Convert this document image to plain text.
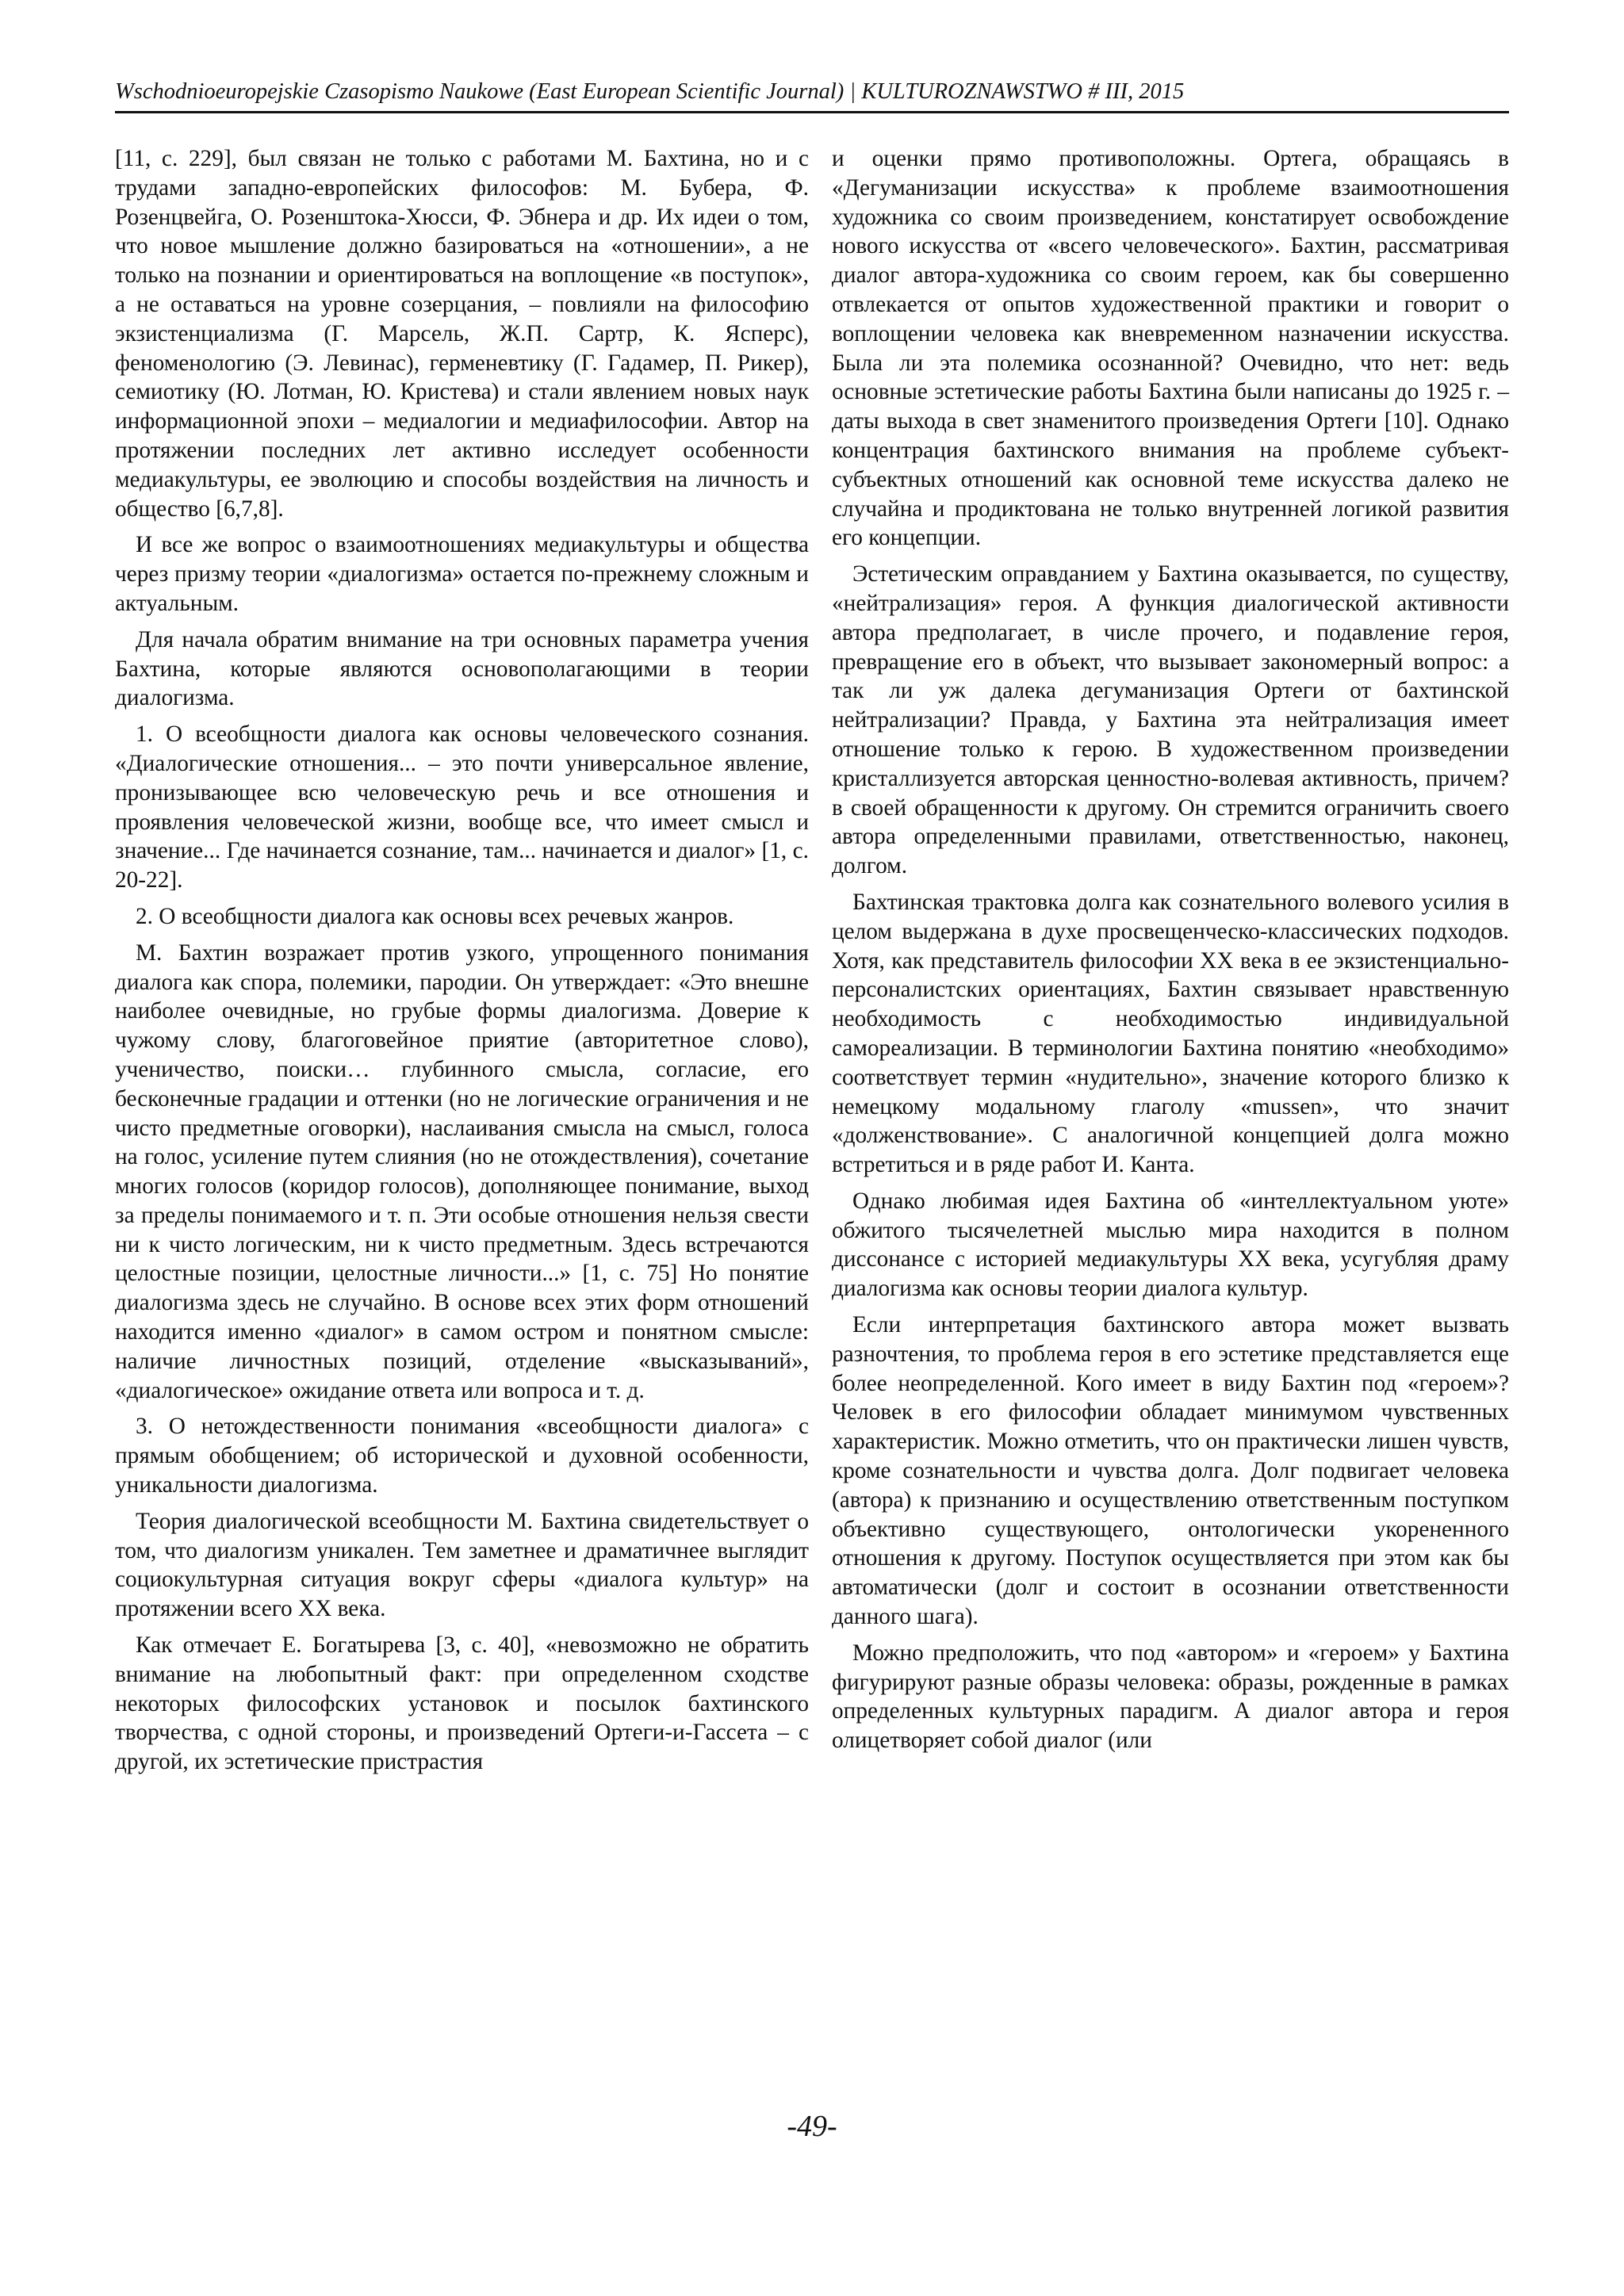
Wschodnioeuropejskie Czasopismo Naukowe (East European Scientific Journal) | KULTUROZNAWSTWO # III, 2015

[11, с. 229], был связан не только с работами М. Бахтина, но и с трудами западно-европейских философов: М. Бубера, Ф. Розенцвейга, О. Розенштока-Хюсси, Ф. Эбнера и др. Их идеи о том, что новое мышление должно базироваться на «отношении», а не только на познании и ориентироваться на воплощение «в поступок», а не оставаться на уровне созерцания, – повлияли на философию экзистенциализма (Г. Марсель, Ж.П. Сартр, К. Ясперс), феноменологию (Э. Левинас), герменевтику (Г. Гадамер, П. Рикер), семиотику (Ю. Лотман, Ю. Кристева) и стали явлением новых наук информационной эпохи – медиалогии и медиафилософии. Автор на протяжении последних лет активно исследует особенности медиакультуры, ее эволюцию и способы воздействия на личность и общество [6,7,8].

И все же вопрос о взаимоотношениях медиакультуры и общества через призму теории «диалогизма» остается по-прежнему сложным и актуальным.

Для начала обратим внимание на три основных параметра учения Бахтина, которые являются основополагающими в теории диалогизма.

1. О всеобщности диалога как основы человеческого сознания. «Диалогические отношения... – это почти универсальное явление, пронизывающее всю человеческую речь и все отношения и проявления человеческой жизни, вообще все, что имеет смысл и значение... Где начинается сознание, там... начинается и диалог» [1, с. 20-22].

2. О всеобщности диалога как основы всех речевых жанров.

М. Бахтин возражает против узкого, упрощенного понимания диалога как спора, полемики, пародии. Он утверждает: «Это внешне наиболее очевидные, но грубые формы диалогизма. Доверие к чужому слову, благоговейное приятие (авторитетное слово), ученичество, поиски… глубинного смысла, согласие, его бесконечные градации и оттенки (но не логические ограничения и не чисто предметные оговорки), наслаивания смысла на смысл, голоса на голос, усиление путем слияния (но не отождествления), сочетание многих голосов (коридор голосов), дополняющее понимание, выход за пределы понимаемого и т. п. Эти особые отношения нельзя свести ни к чисто логическим, ни к чисто предметным. Здесь встречаются целостные позиции, целостные личности...» [1, с. 75] Но понятие диалогизма здесь не случайно. В основе всех этих форм отношений находится именно «диалог» в самом остром и понятном смысле: наличие личностных позиций, отделение «высказываний», «диалогическое» ожидание ответа или вопроса и т. д.

3. О нетождественности понимания «всеобщности диалога» с прямым обобщением; об исторической и духовной особенности, уникальности диалогизма.

Теория диалогической всеобщности М. Бахтина свидетельствует о том, что диалогизм уникален. Тем заметнее и драматичнее выглядит социокультурная ситуация вокруг сферы «диалога культур» на протяжении всего XX века.

Как отмечает Е. Богатырева [3, с. 40], «невозможно не обратить внимание на любопытный факт: при определенном сходстве некоторых философских установок и посылок бахтинского творчества, с одной стороны, и произведений Ортеги-и-Гассета – с другой, их эстетические пристрастия

и оценки прямо противоположны. Ортега, обращаясь в «Дегуманизации искусства» к проблеме взаимоотношения художника со своим произведением, констатирует освобождение нового искусства от «всего человеческого». Бахтин, рассматривая диалог автора-художника со своим героем, как бы совершенно отвлекается от опытов художественной практики и говорит о воплощении человека как вневременном назначении искусства. Была ли эта полемика осознанной? Очевидно, что нет: ведь основные эстетические работы Бахтина были написаны до 1925 г. – даты выхода в свет знаменитого произведения Ортеги [10]. Однако концентрация бахтинского внимания на проблеме субъект-субъектных отношений как основной теме искусства далеко не случайна и продиктована не только внутренней логикой развития его концепции.

Эстетическим оправданием у Бахтина оказывается, по существу, «нейтрализация» героя. А функция диалогической активности автора предполагает, в числе прочего, и подавление героя, превращение его в объект, что вызывает закономерный вопрос: а так ли уж далека дегуманизация Ортеги от бахтинской нейтрализации? Правда, у Бахтина эта нейтрализация имеет отношение только к герою. В художественном произведении кристаллизуется авторская ценностно-волевая активность, причем? в своей обращенности к другому. Он стремится ограничить своего автора определенными правилами, ответственностью, наконец, долгом.

Бахтинская трактовка долга как сознательного волевого усилия в целом выдержана в духе просвещенческо-классических подходов. Хотя, как представитель философии XX века в ее экзистенциально-персоналистских ориентациях, Бахтин связывает нравственную необходимость с необходимостью индивидуальной самореализации. В терминологии Бахтина понятию «необходимо» соответствует термин «нудительно», значение которого близко к немецкому модальному глаголу «mussen», что значит «долженствование». С аналогичной концепцией долга можно встретиться и в ряде работ И. Канта.

Однако любимая идея Бахтина об «интеллектуальном уюте» обжитого тысячелетней мыслью мира находится в полном диссонансе с историей медиакультуры XX века, усугубляя драму диалогизма как основы теории диалога культур.

Если интерпретация бахтинского автора может вызвать разночтения, то проблема героя в его эстетике представляется еще более неопределенной. Кого имеет в виду Бахтин под «героем»? Человек в его философии обладает минимумом чувственных характеристик. Можно отметить, что он практически лишен чувств, кроме сознательности и чувства долга. Долг подвигает человека (автора) к признанию и осуществлению ответственным поступком объективно существующего, онтологически укорененного отношения к другому. Поступок осуществляется при этом как бы автоматически (долг и состоит в осознании ответственности данного шага).

Можно предположить, что под «автором» и «героем» у Бахтина фигурируют разные образы человека: образы, рожденные в рамках определенных культурных парадигм. А диалог автора и героя олицетворяет собой диалог (или

-49-
